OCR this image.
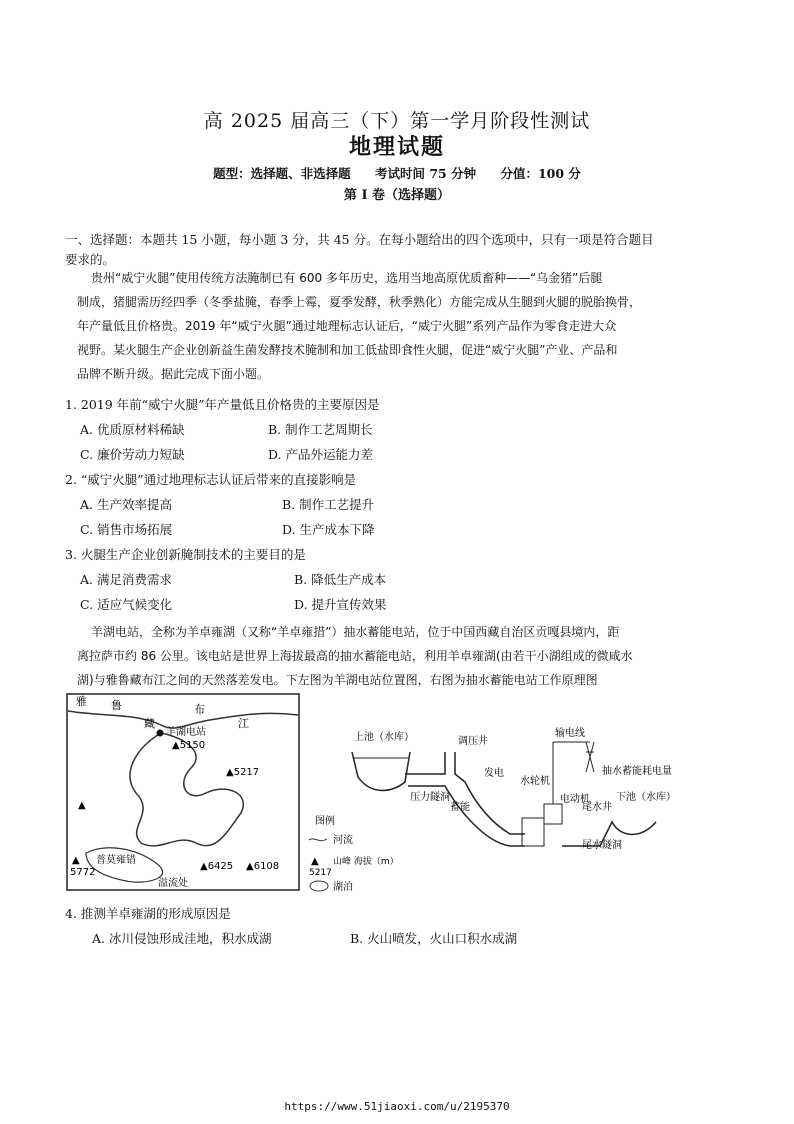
高 2025 届高三（下）第一学月阶段性测试
地理试题
题型：选择题、非选择题 考试时间 75 分钟 分值：100 分
第 I 卷（选择题）
一、选择题：本题共 15 小题，每小题 3 分，共 45 分。在每小题给出的四个选项中，只有一项是符合题目
要求的。
贵州“威宁火腿”使用传统方法腌制已有 600 多年历史，选用当地高原优质畜种——“乌金猪”后腿
制成，猪腿需历经四季（冬季盐腌，春季上霉，夏季发酵，秋季熟化）方能完成从生腿到火腿的脱胎换骨，
年产量低且价格贵。2019 年“威宁火腿”通过地理标志认证后，“威宁火腿”系列产品作为零食走进大众
视野。某火腿生产企业创新益生菌发酵技术腌制和加工低盐即食性火腿，促进“威宁火腿”产业、产品和
品牌不断升级。据此完成下面小题。
1. 2019 年前“威宁火腿”年产量低且价格贵的主要原因是
A. 优质原材料稀缺	B. 制作工艺周期长
C. 廉价劳动力短缺	D. 产品外运能力差
2. “威宁火腿”通过地理标志认证后带来的直接影响是
A. 生产效率提高	B. 制作工艺提升
C. 销售市场拓展	D. 生产成本下降
3. 火腿生产企业创新腌制技术的主要目的是
A. 满足消费需求	B. 降低生产成本
C. 适应气候变化	D. 提升宣传效果
羊湖电站，全称为羊卓雍湖（又称“羊卓雍措”）抽水蓄能电站，位于中国西藏自治区贡嘎县境内，距
离拉萨市约 86 公里。该电站是世界上海拔最高的抽水蓄能电站，利用羊卓雍湖(由若干小湖组成的微咸水
湖)与雅鲁藏布江之间的天然落差发电。下左图为羊湖电站位置图，右图为抽水蓄能电站工作原理图
雅 鲁
藏
布
江
羊湖电站
▲5150
▲5217
▲
▲
5772
▲6425 ▲6108
普莫雍错
溢流处
图例
河流
▲ 山峰 海拔（m）
5217
湖泊
上池（水库）	调压井
压力隧洞
发电
蓄能
水轮机
电动机
输电线
抽水蓄能耗电量
尾水井
下池（水库）
尾水隧洞
4. 推测羊卓雍湖的形成原因是
A. 冰川侵蚀形成洼地，积水成湖	B. 火山喷发，火山口积水成湖
https://www.51jiaoxi.com/u/2195370
